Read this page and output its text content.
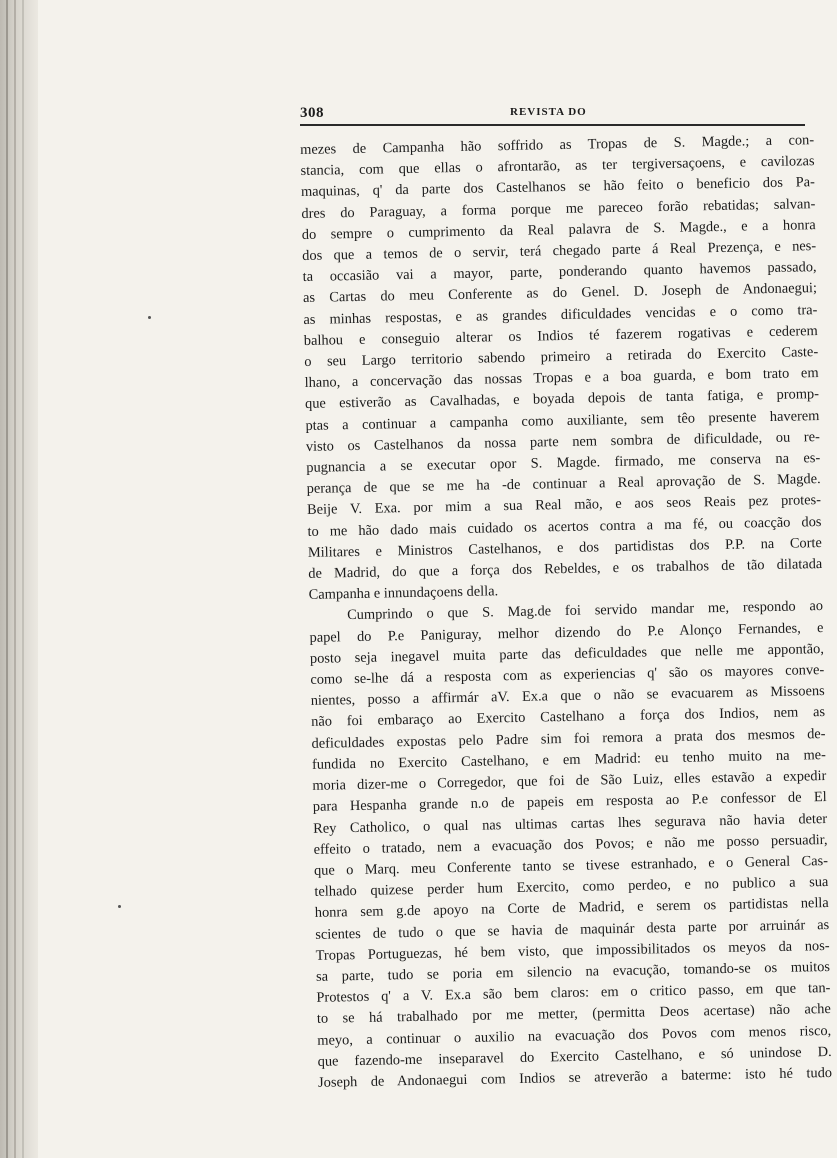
308	REVISTA DO
mezes de Campanha hão soffrido as Tropas de S. Magde.; a con-
stancia, com que ellas o afrontarão, as ter tergiversaçoens, e cavilozas
maquinas, q' da parte dos Castelhanos se hão feito o beneficio dos Pa-
dres do Paraguay, a forma porque me pareceo forão rebatidas; salvan-
do sempre o cumprimento da Real palavra de S. Magde., e a honra
dos que a temos de o servir, terá chegado parte á Real Prezença, e nes-
ta occasião vai a mayor, parte, ponderando quanto havemos passado,
as Cartas do meu Conferente as do Genel. D. Joseph de Andonaegui;
as minhas respostas, e as grandes dificuldades vencidas e o como tra-
balhou e conseguio alterar os Indios té fazerem rogativas e cederem
o seu Largo territorio sabendo primeiro a retirada do Exercito Caste-
lhano, a concervação das nossas Tropas e a boa guarda, e bom trato em
que estiverão as Cavalhadas, e boyada depois de tanta fatiga, e promp-
ptas a continuar a campanha como auxiliante, sem têo presente haverem
visto os Castelhanos da nossa parte nem sombra de dificuldade, ou re-
pugnancia a se executar opor S. Magde. firmado, me conserva na es-
perança de que se me ha -de continuar a Real aprovação de S. Magde.
Beije V. Exa. por mim a sua Real mão, e aos seos Reais pez protes-
to me hão dado mais cuidado os acertos contra a ma fé, ou coacção dos
Militares e Ministros Castelhanos, e dos partidistas dos P.P. na Corte
de Madrid, do que a força dos Rebeldes, e os trabalhos de tão dilatada
Campanha e innundaçoens della.
Cumprindo o que S. Mag.de foi servido mandar me, respondo ao
papel do P.e Paniguray, melhor dizendo do P.e Alonço Fernandes, e
posto seja inegavel muita parte das deficuldades que nelle me appontão,
como se-lhe dá a resposta com as experiencias q' são os mayores conve-
nientes, posso a affirmár aV. Ex.a que o não se evacuarem as Missoens
não foi embaraço ao Exercito Castelhano a força dos Indios, nem as
deficuldades expostas pelo Padre sim foi remora a prata dos mesmos de-
fundida no Exercito Castelhano, e em Madrid: eu tenho muito na me-
moria dizer-me o Corregedor, que foi de São Luiz, elles estavão a expedir
para Hespanha grande n.o de papeis em resposta ao P.e confessor de El
Rey Catholico, o qual nas ultimas cartas lhes segurava não havia deter
effeito o tratado, nem a evacuação dos Povos; e não me posso persuadir,
que o Marq. meu Conferente tanto se tivese estranhado, e o General Cas-
telhado quizese perder hum Exercito, como perdeo, e no publico a sua
honra sem g.de apoyo na Corte de Madrid, e serem os partidistas nella
scientes de tudo o que se havia de maquinár desta parte por arruinár as
Tropas Portuguezas, hé bem visto, que impossibilitados os meyos da nos-
sa parte, tudo se poria em silencio na evacução, tomando-se os muitos
Protestos q' a V. Ex.a são bem claros: em o critico passo, em que tan-
to se há trabalhado por me metter, (permitta Deos acertase) não ache
meyo, a continuar o auxilio na evacuação dos Povos com menos risco,
que fazendo-me inseparavel do Exercito Castelhano, e só unindose D.
Joseph de Andonaegui com Indios se atreverão a baterme: isto hé tudo
